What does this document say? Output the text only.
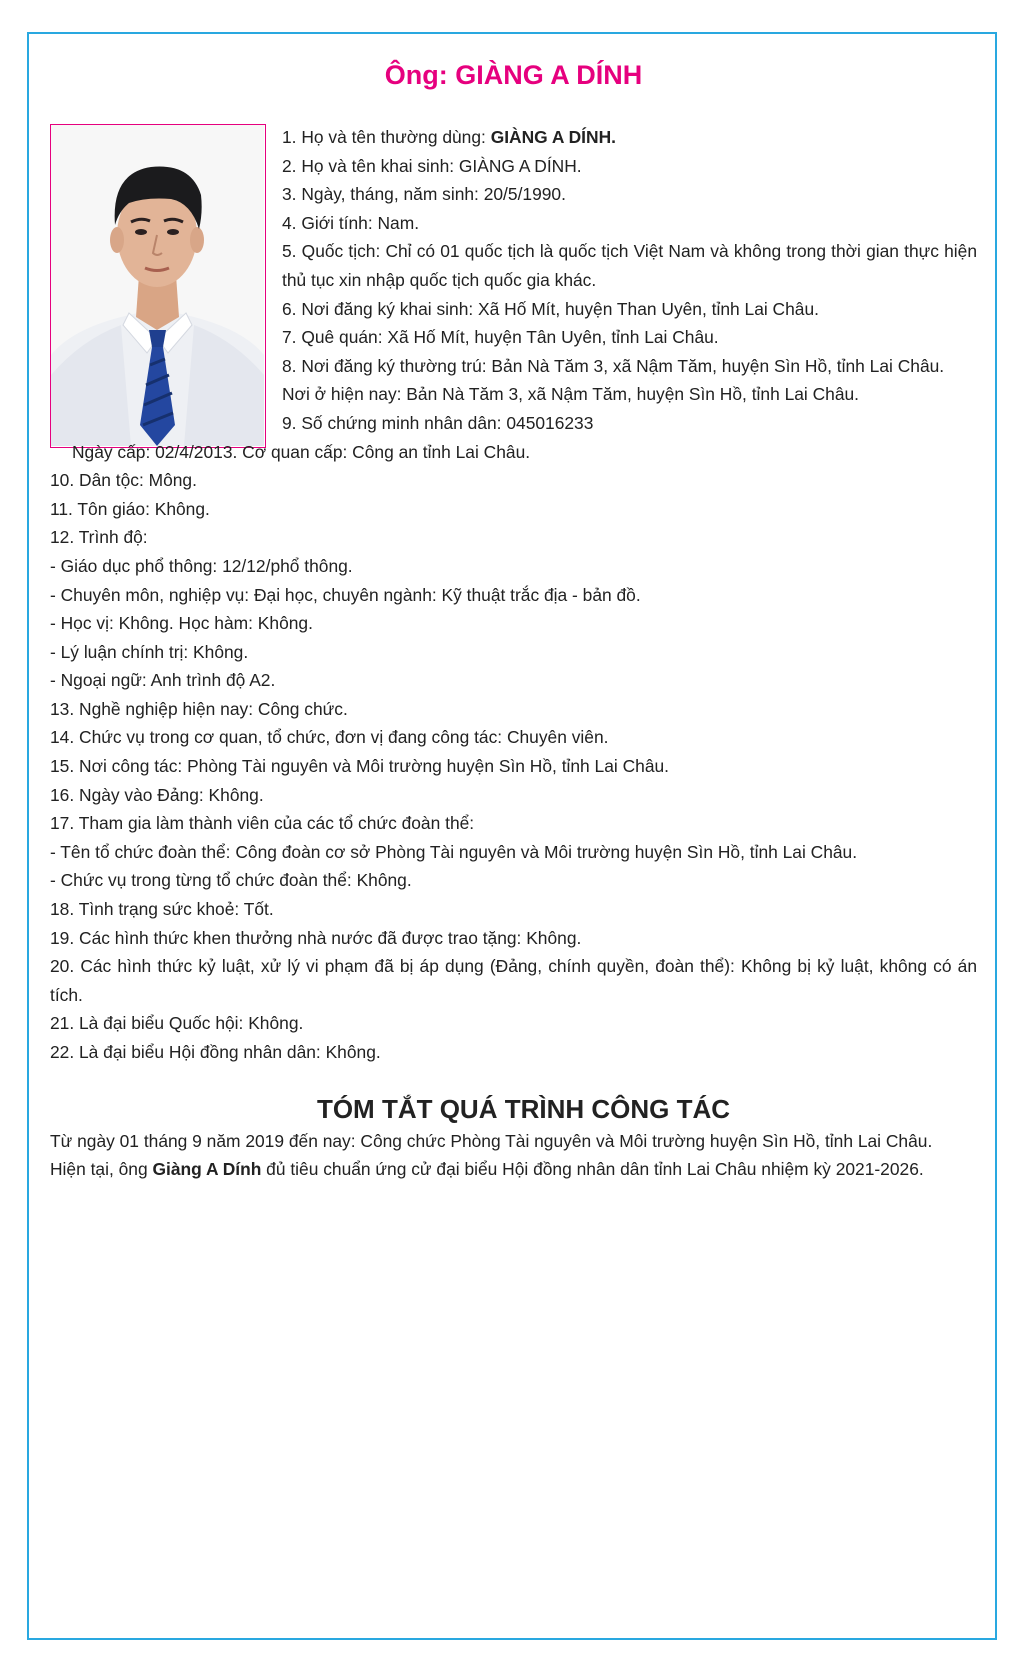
Ông: GIÀNG A DÍNH

1. Họ và tên thường dùng: GIÀNG A DÍNH.

2. Họ và tên khai sinh: GIÀNG A DÍNH.

3. Ngày, tháng, năm sinh: 20/5/1990.

4. Giới tính: Nam.

5. Quốc tịch: Chỉ có 01 quốc tịch là quốc tịch Việt Nam và không trong thời gian thực hiện thủ tục xin nhập quốc tịch quốc gia khác.

6. Nơi đăng ký khai sinh: Xã Hố Mít, huyện Than Uyên, tỉnh Lai Châu.

7. Quê quán: Xã Hố Mít, huyện Tân Uyên, tỉnh Lai Châu.

8. Nơi đăng ký thường trú: Bản Nà Tăm 3, xã Nậm Tăm, huyện Sìn Hồ, tỉnh Lai Châu.

Nơi ở hiện nay: Bản Nà Tăm 3, xã Nậm Tăm, huyện Sìn Hồ, tỉnh Lai Châu.

9. Số chứng minh nhân dân: 045016233

Ngày cấp: 02/4/2013. Cơ quan cấp: Công an tỉnh Lai Châu.

10. Dân tộc: Mông.

11. Tôn giáo: Không.

12. Trình độ:

- Giáo dục phổ thông: 12/12/phổ thông.

- Chuyên môn, nghiệp vụ: Đại học, chuyên ngành: Kỹ thuật trắc địa - bản đồ.

- Học vị: Không. Học hàm: Không.

- Lý luận chính trị: Không.

- Ngoại ngữ: Anh trình độ A2.

13. Nghề nghiệp hiện nay: Công chức.

14. Chức vụ trong cơ quan, tổ chức, đơn vị đang công tác: Chuyên viên.

15. Nơi công tác: Phòng Tài nguyên và Môi trường huyện Sìn Hồ, tỉnh Lai Châu.

16. Ngày vào Đảng: Không.

17. Tham gia làm thành viên của các tổ chức đoàn thể:

- Tên tổ chức đoàn thể: Công đoàn cơ sở Phòng Tài nguyên và Môi trường huyện Sìn Hồ, tỉnh Lai Châu.

- Chức vụ trong từng tổ chức đoàn thể: Không.

18. Tình trạng sức khoẻ: Tốt.

19. Các hình thức khen thưởng nhà nước đã được trao tặng: Không.

20. Các hình thức kỷ luật, xử lý vi phạm đã bị áp dụng (Đảng, chính quyền, đoàn thể): Không bị kỷ luật, không có án tích.

21. Là đại biểu Quốc hội: Không.

22. Là đại biểu Hội đồng nhân dân: Không.

TÓM TẮT QUÁ TRÌNH CÔNG TÁC

Từ ngày 01 tháng 9 năm 2019 đến nay: Công chức Phòng Tài nguyên và Môi trường huyện Sìn Hồ, tỉnh Lai Châu.

Hiện tại, ông Giàng A Dính đủ tiêu chuẩn ứng cử đại biểu Hội đồng nhân dân tỉnh Lai Châu nhiệm kỳ 2021-2026.
